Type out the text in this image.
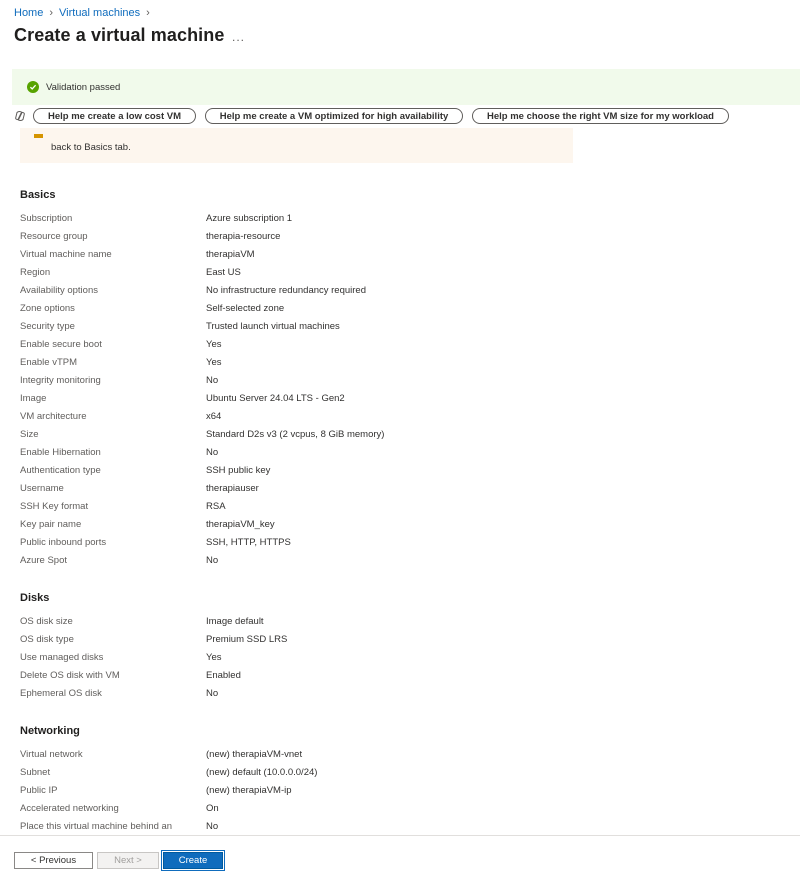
Home › Virtual machines ›
Create a virtual machine ...
Validation passed
Help me create a low cost VM	Help me create a VM optimized for high availability	Help me choose the right VM size for my workload
back to Basics tab.
Basics
Subscription	Azure subscription 1
Resource group	therapia-resource
Virtual machine name	therapiaVM
Region	East US
Availability options	No infrastructure redundancy required
Zone options	Self-selected zone
Security type	Trusted launch virtual machines
Enable secure boot	Yes
Enable vTPM	Yes
Integrity monitoring	No
Image	Ubuntu Server 24.04 LTS - Gen2
VM architecture	x64
Size	Standard D2s v3 (2 vcpus, 8 GiB memory)
Enable Hibernation	No
Authentication type	SSH public key
Username	therapiauser
SSH Key format	RSA
Key pair name	therapiaVM_key
Public inbound ports	SSH, HTTP, HTTPS
Azure Spot	No
Disks
OS disk size	Image default
OS disk type	Premium SSD LRS
Use managed disks	Yes
Delete OS disk with VM	Enabled
Ephemeral OS disk	No
Networking
Virtual network	(new) therapiaVM-vnet
Subnet	(new) default (10.0.0.0/24)
Public IP	(new) therapiaVM-ip
Accelerated networking	On
Place this virtual machine behind an	No
< Previous	Next >	Create
